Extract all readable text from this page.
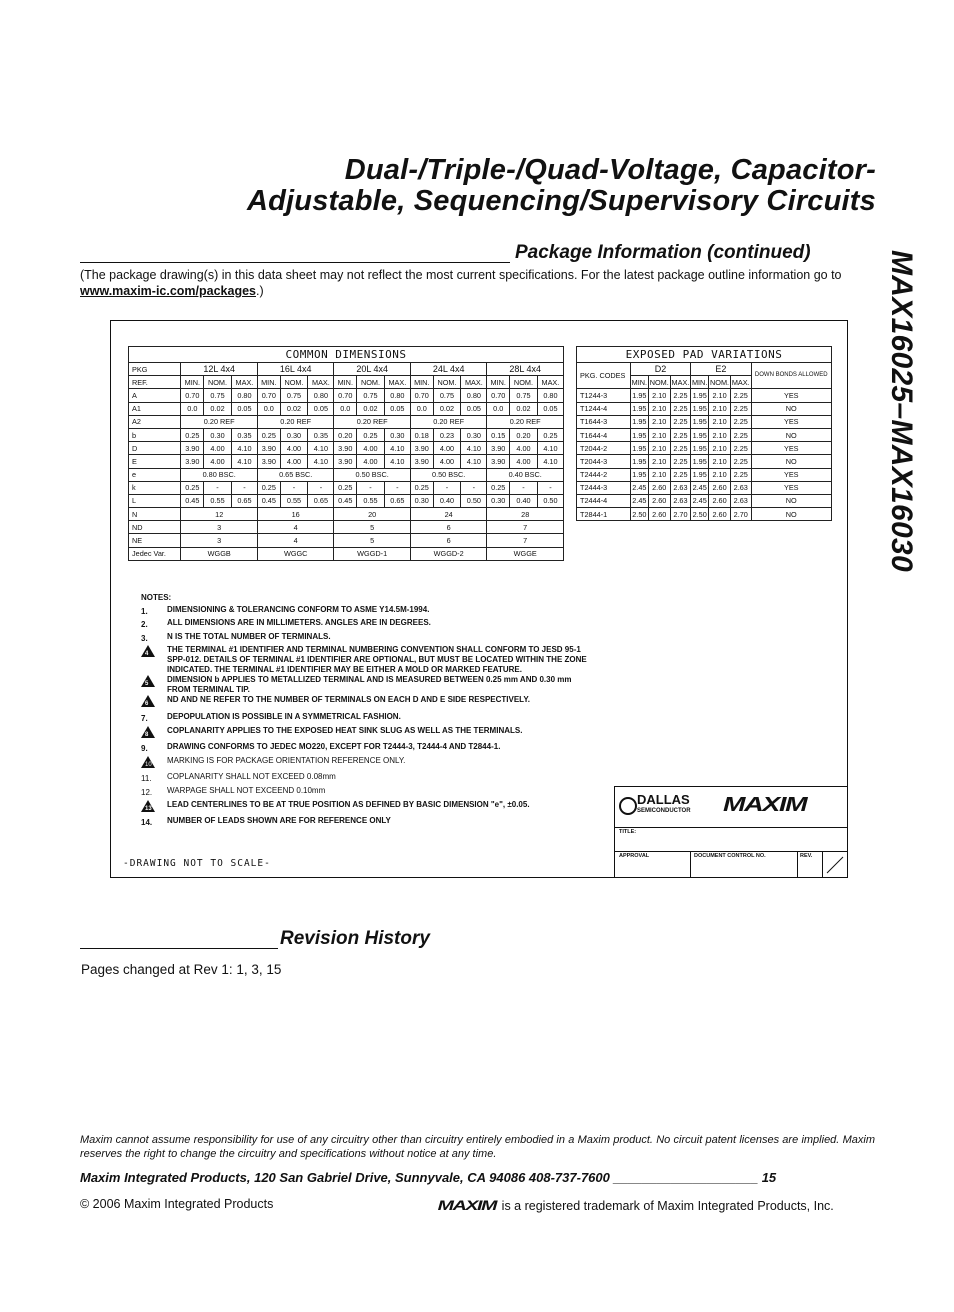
Dual-/Triple-/Quad-Voltage, Capacitor-
Adjustable, Sequencing/Supervisory Circuits
MAX16025–MAX16030
Package Information (continued)
(The package drawing(s) in this data sheet may not reflect the most current specifications. For the latest package outline information go to www.maxim-ic.com/packages.)
COMMON DIMENSIONS															
PKG	12L 4x4			16L 4x4			20L 4x4			24L 4x4			28L 4x4		
REF.	MIN.	NOM.	MAX.	MIN.	NOM.	MAX.	MIN.	NOM.	MAX.	MIN.	NOM.	MAX.	MIN.	NOM.	MAX.
A	0.70	0.75	0.80	0.70	0.75	0.80	0.70	0.75	0.80	0.70	0.75	0.80	0.70	0.75	0.80
A1	0.0	0.02	0.05	0.0	0.02	0.05	0.0	0.02	0.05	0.0	0.02	0.05	0.0	0.02	0.05
A2	0.20 REF			0.20 REF			0.20 REF			0.20 REF			0.20 REF		
b	0.25	0.30	0.35	0.25	0.30	0.35	0.20	0.25	0.30	0.18	0.23	0.30	0.15	0.20	0.25
D	3.90	4.00	4.10	3.90	4.00	4.10	3.90	4.00	4.10	3.90	4.00	4.10	3.90	4.00	4.10
E	3.90	4.00	4.10	3.90	4.00	4.10	3.90	4.00	4.10	3.90	4.00	4.10	3.90	4.00	4.10
e	0.80 BSC.			0.65 BSC.			0.50 BSC.			0.50 BSC.			0.40 BSC.		
k	0.25	-	-	0.25	-	-	0.25	-	-	0.25	-	-	0.25	-	-
L	0.45	0.55	0.65	0.45	0.55	0.65	0.45	0.55	0.65	0.30	0.40	0.50	0.30	0.40	0.50
N	12			16			20			24			28		
ND	3			4			5			6			7		
NE	3			4			5			6			7		
Jedec Var.	WGGB			WGGC			WGGD-1			WGGD-2			WGGE		
EXPOSED PAD VARIATIONS							
PKG. CODES	D2			E2			DOWN BONDS ALLOWED
	MIN.	NOM.	MAX.	MIN.	NOM.	MAX.	
T1244-3	1.95	2.10	2.25	1.95	2.10	2.25	YES
T1244-4	1.95	2.10	2.25	1.95	2.10	2.25	NO
T1644-3	1.95	2.10	2.25	1.95	2.10	2.25	YES
T1644-4	1.95	2.10	2.25	1.95	2.10	2.25	NO
T2044-2	1.95	2.10	2.25	1.95	2.10	2.25	YES
T2044-3	1.95	2.10	2.25	1.95	2.10	2.25	NO
T2444-2	1.95	2.10	2.25	1.95	2.10	2.25	YES
T2444-3	2.45	2.60	2.63	2.45	2.60	2.63	YES
T2444-4	2.45	2.60	2.63	2.45	2.60	2.63	NO
T2844-1	2.50	2.60	2.70	2.50	2.60	2.70	NO
NOTES:
1.	DIMENSIONING & TOLERANCING CONFORM TO ASME Y14.5M-1994.
2.	ALL DIMENSIONS ARE IN MILLIMETERS. ANGLES ARE IN DEGREES.
3.	N IS THE TOTAL NUMBER OF TERMINALS.
4 THE TERMINAL #1 IDENTIFIER AND TERMINAL NUMBERING CONVENTION SHALL CONFORM TO JESD 95-1 SPP-012. DETAILS OF TERMINAL #1 IDENTIFIER ARE OPTIONAL, BUT MUST BE LOCATED WITHIN THE ZONE INDICATED. THE TERMINAL #1 IDENTIFIER MAY BE EITHER A MOLD OR MARKED FEATURE.
5 DIMENSION b APPLIES TO METALLIZED TERMINAL AND IS MEASURED BETWEEN 0.25 mm AND 0.30 mm FROM TERMINAL TIP.
6 ND AND NE REFER TO THE NUMBER OF TERMINALS ON EACH D AND E SIDE RESPECTIVELY.
7.	DEPOPULATION IS POSSIBLE IN A SYMMETRICAL FASHION.
8 COPLANARITY APPLIES TO THE EXPOSED HEAT SINK SLUG AS WELL AS THE TERMINALS.
9.	DRAWING CONFORMS TO JEDEC MO220, EXCEPT FOR T2444-3, T2444-4 AND T2844-1.
10 MARKING IS FOR PACKAGE ORIENTATION REFERENCE ONLY.
11.	COPLANARITY SHALL NOT EXCEED 0.08mm
12.	WARPAGE SHALL NOT EXCEEND 0.10mm
13 LEAD CENTERLINES TO BE AT TRUE POSITION AS DEFINED BY BASIC DIMENSION "e", ±0.05.
14.	NUMBER OF LEADS SHOWN ARE FOR REFERENCE ONLY
-DRAWING NOT TO SCALE-
DALLAS
SEMICONDUCTOR MAXIM
TITLE:
APPROVAL	DOCUMENT CONTROL NO.	REV.
Revision History
Pages changed at Rev 1: 1, 3, 15
Maxim cannot assume responsibility for use of any circuitry other than circuitry entirely embodied in a Maxim product. No circuit patent licenses are implied. Maxim reserves the right to change the circuitry and specifications without notice at any time.
Maxim Integrated Products, 120 San Gabriel Drive, Sunnyvale, CA 94086 408-737-7600 ____________________ 15
© 2006 Maxim Integrated Products	MAXIM is a registered trademark of Maxim Integrated Products, Inc.
